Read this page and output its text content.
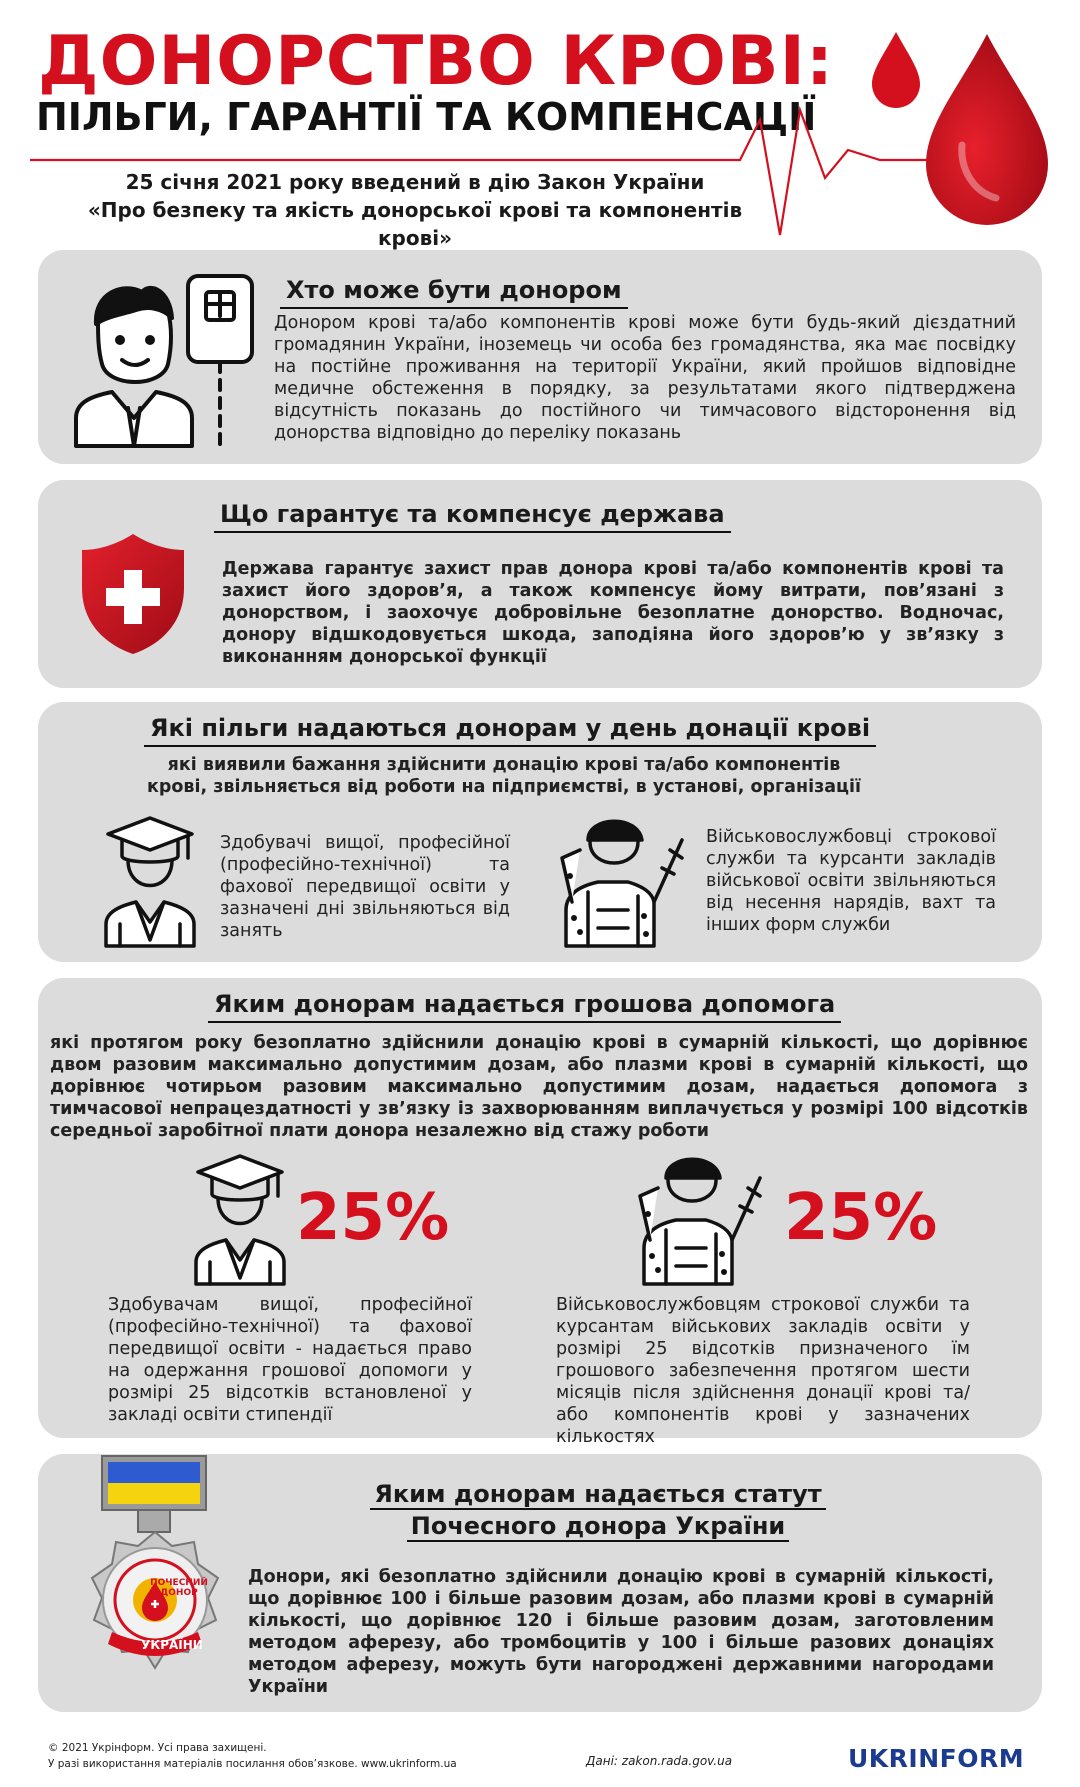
ДОНОРСТВО КРОВІ:
ПІЛЬГИ, ГАРАНТІЇ ТА КОМПЕНСАЦІЇ
25 січня 2021 року введений в дію Закон України
«Про безпеку та якість донорської крові та компонентів крові»
Хто може бути донором
Донором крові та/або компонентів крові може бути будь-який дієздатний громадянин України, іноземець чи особа без громадянства, яка має посвідку на постійне проживання на території України, який пройшов відповідне медичне обстеження в порядку, за результатами якого підтверджена відсутність показань до постійного чи тимчасового відсторонення від донорства відповідно до переліку показань
Що гарантує та компенсує держава
Держава гарантує захист прав донора крові та/або компонентів крові та захист його здоров’я, а також компенсує йому витрати, пов’язані з донорством, і заохочує добровільне безоплатне донорство. Водночас, донору відшкодовується шкода, заподіяна його здоров’ю у зв’язку з виконанням донорської функції
Які пільги надаються донорам у день донації крові
які виявили бажання здійснити донацію крові та/або компонентів крові, звільняється від роботи на підприємстві, в установі, організації
Здобувачі вищої, професійної (професійно-технічної) та фахової передвищої освіти у зазначені дні звільняються від занять
Військовослужбовці строкової служби та курсанти закладів військової освіти звільняються від несення нарядів, вахт та інших форм служби
Яким донорам надається грошова допомога
які протягом року безоплатно здійснили донацію крові в сумарній кількості, що дорівнює двом разовим максимально допустимим дозам, або плазми крові в сумарній кількості, що дорівнює чотирьом разовим максимально допустимим дозам, надається допомога з тимчасової непрацездатності у зв’язку із захворюванням виплачується у розмірі 100 відсотків середньої заробітної плати донора незалежно від стажу роботи
25%	25%
Здобувачам вищої, професійної (професійно-технічної) та фахової передвищої освіти - надається право на одержання грошової допомоги у розмірі 25 відсотків встановленої у закладі освіти стипендії
Військовослужбовцям строкової служби та курсантам військових закладів освіти у розмірі 25 відсотків призначеного їм грошового забезпечення протягом шести місяців після здійснення донації крові та/або компонентів крові у зазначених кількостях
ПОЧЕСНИЙ ДОНОР
УКРАЇНИ
Яким донорам надається статут
Почесного донора України
Донори, які безоплатно здійснили донацію крові в сумарній кількості, що дорівнює 100 і більше разовим дозам, або плазми крові в сумарній кількості, що дорівнює 120 і більше разовим дозам, заготовленим методом аферезу, або тромбоцитів у 100 і більше разових донаціях методом аферезу, можуть бути нагороджені державними нагородами України
© 2021 Укрінформ. Усі права захищені.
У разі використання матеріалів посилання обов’язкове. www.ukrinform.ua	Дані: zakon.rada.gov.ua	UKRINFORM
